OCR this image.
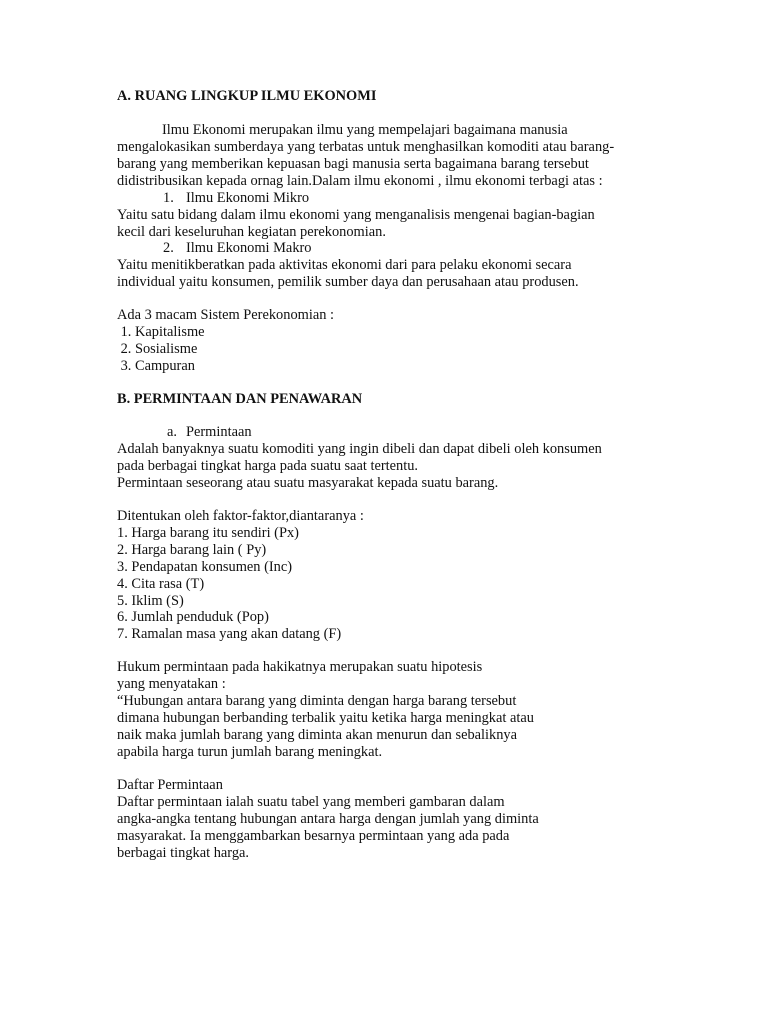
A. RUANG LINGKUP ILMU EKONOMI
Ilmu Ekonomi merupakan ilmu yang mempelajari bagaimana manusia
mengalokasikan sumberdaya yang terbatas untuk menghasilkan komoditi atau barang-
barang yang memberikan kepuasan bagi manusia serta bagaimana barang tersebut
didistribusikan kepada ornag lain.Dalam ilmu ekonomi , ilmu ekonomi terbagi atas :
1. Ilmu Ekonomi Mikro
Yaitu satu bidang dalam ilmu ekonomi yang menganalisis mengenai bagian-bagian
kecil dari keseluruhan kegiatan perekonomian.
2. Ilmu Ekonomi Makro
Yaitu menitikberatkan pada aktivitas ekonomi dari para pelaku ekonomi secara
individual yaitu konsumen, pemilik sumber daya dan perusahaan atau produsen.
Ada 3 macam Sistem Perekonomian :
1. Kapitalisme
2. Sosialisme
3. Campuran
B. PERMINTAAN DAN PENAWARAN
a. Permintaan
Adalah banyaknya suatu komoditi yang ingin dibeli dan dapat dibeli oleh konsumen
pada berbagai tingkat harga pada suatu saat tertentu.
Permintaan seseorang atau suatu masyarakat kepada suatu barang.
Ditentukan oleh faktor-faktor,diantaranya :
1. Harga barang itu sendiri (Px)
2. Harga barang lain ( Py)
3. Pendapatan konsumen (Inc)
4. Cita rasa (T)
5. Iklim (S)
6. Jumlah penduduk (Pop)
7. Ramalan masa yang akan datang (F)
Hukum permintaan pada hakikatnya merupakan suatu hipotesis
yang menyatakan :
“Hubungan antara barang yang diminta dengan harga barang tersebut
dimana hubungan berbanding terbalik yaitu ketika harga meningkat atau
naik maka jumlah barang yang diminta akan menurun dan sebaliknya
apabila harga turun jumlah barang meningkat.
Daftar Permintaan
Daftar permintaan ialah suatu tabel yang memberi gambaran dalam
angka-angka tentang hubungan antara harga dengan jumlah yang diminta
masyarakat. Ia menggambarkan besarnya permintaan yang ada pada
berbagai tingkat harga.
